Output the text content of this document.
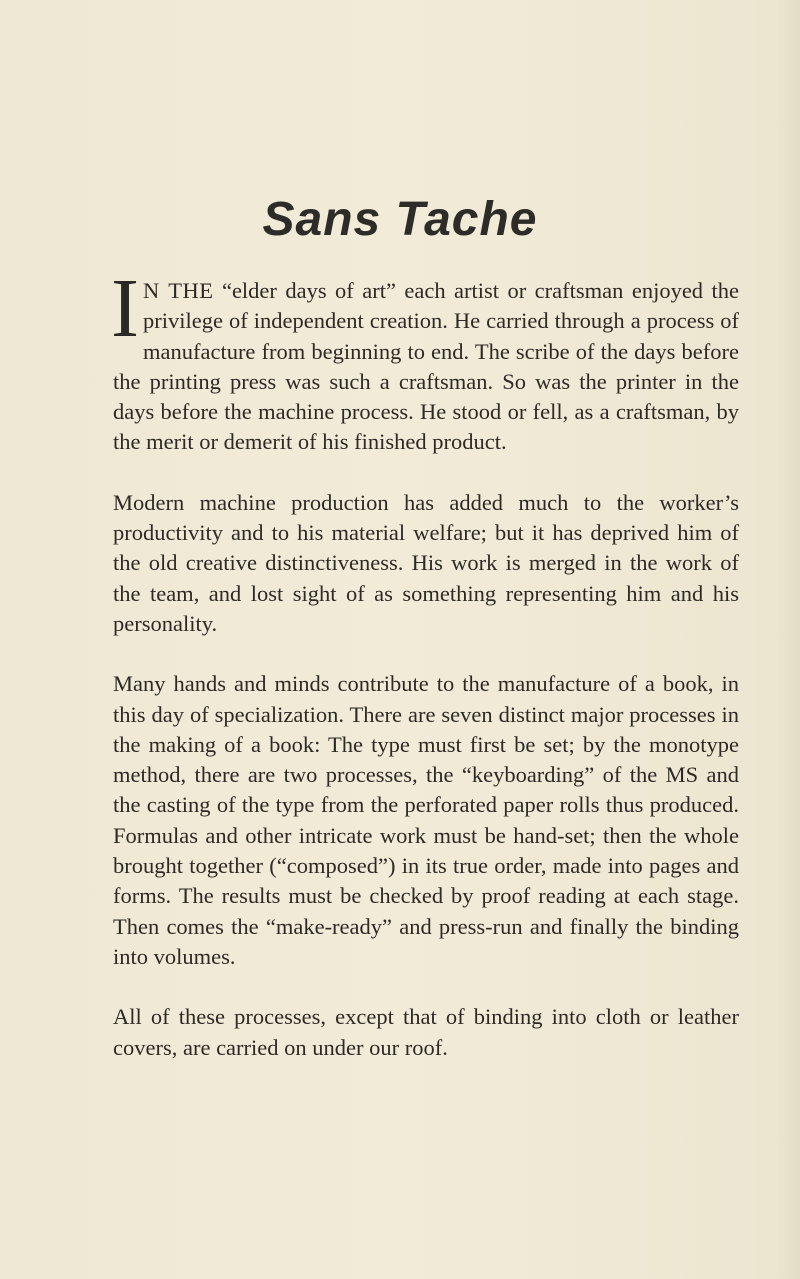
Sans Tache

I N THE “elder days of art” each artist or craftsman enjoyed the privilege of independent creation. He carried through a process of manufacture from beginning to end. The scribe of the days before the printing press was such a craftsman. So was the printer in the days before the machine process. He stood or fell, as a craftsman, by the merit or demerit of his finished product.

Modern machine production has added much to the worker’s productivity and to his material welfare; but it has deprived him of the old creative distinctiveness. His work is merged in the work of the team, and lost sight of as something representing him and his personality.

Many hands and minds contribute to the manufacture of a book, in this day of specialization. There are seven distinct major processes in the making of a book: The type must first be set; by the monotype method, there are two processes, the “keyboarding” of the MS and the casting of the type from the perforated paper rolls thus produced. Formulas and other intricate work must be hand-set; then the whole brought together (“composed”) in its true order, made into pages and forms. The results must be checked by proof reading at each stage. Then comes the “make-ready” and press-run and finally the binding into volumes.

All of these processes, except that of binding into cloth or leather covers, are carried on under our roof.
